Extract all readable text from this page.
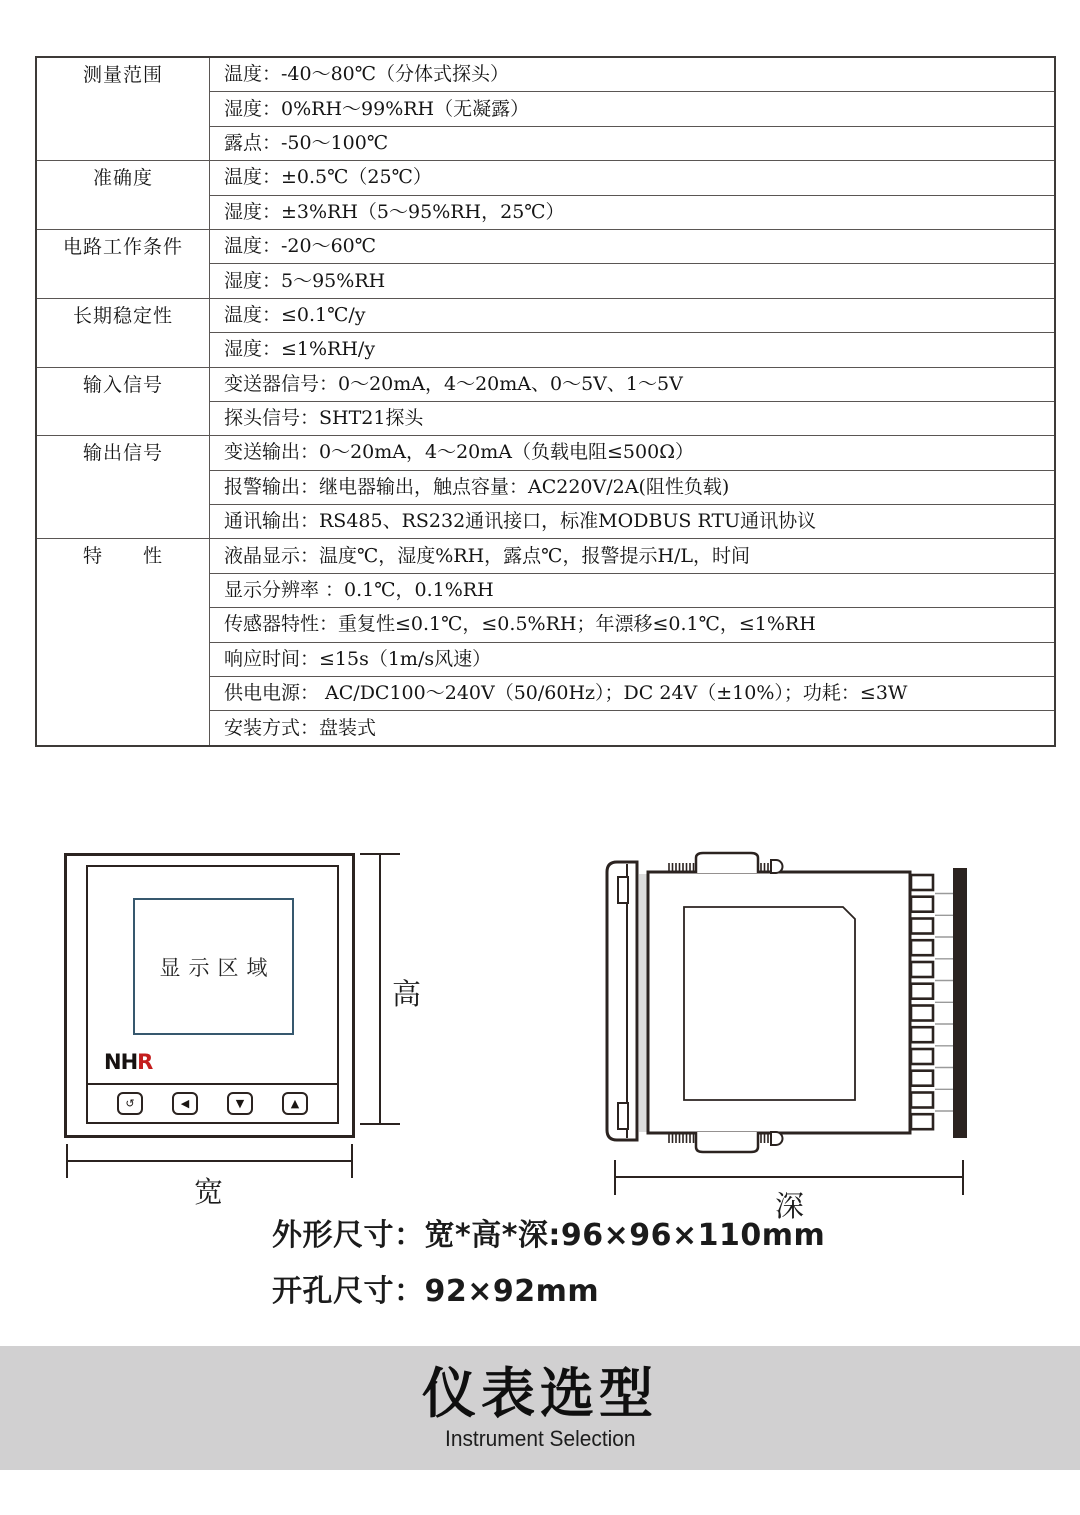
测量范围	温度：-40～80℃（分体式探头）
	湿度：0%RH～99%RH（无凝露）
	露点：-50～100℃
准确度	温度：±0.5℃（25℃）
	湿度：±3%RH（5～95%RH，25℃）
电路工作条件	温度：-20～60℃
	湿度：5～95%RH
长期稳定性	温度：≤0.1℃/y
	湿度：≤1%RH/y
输入信号	变送器信号：0～20mA，4～20mA、0～5V、1～5V
	探头信号：SHT21探头
输出信号	变送输出：0～20mA，4～20mA（负载电阻≤500Ω）
	报警输出：继电器输出，触点容量：AC220V/2A(阻性负载)
	通讯输出：RS485、RS232通讯接口，标准MODBUS RTU通讯协议
特　　性	液晶显示：温度℃，湿度%RH，露点℃，报警提示H/L，时间
	显示分辨率 ：0.1℃，0.1%RH
	传感器特性：重复性≤0.1℃，≤0.5%RH；年漂移≤0.1℃，≤1%RH
	响应时间：≤15s（1m/s风速）
	供电电源： AC/DC100～240V（50/60Hz）；DC 24V（±10%）；功耗：≤3W
	安装方式：盘装式
显示区域
NHR
↺	◀	▼	▲
高
宽	深
外形尺寸：宽*高*深:96×96×110mm
开孔尺寸：92×92mm
仪表选型
Instrument Selection
